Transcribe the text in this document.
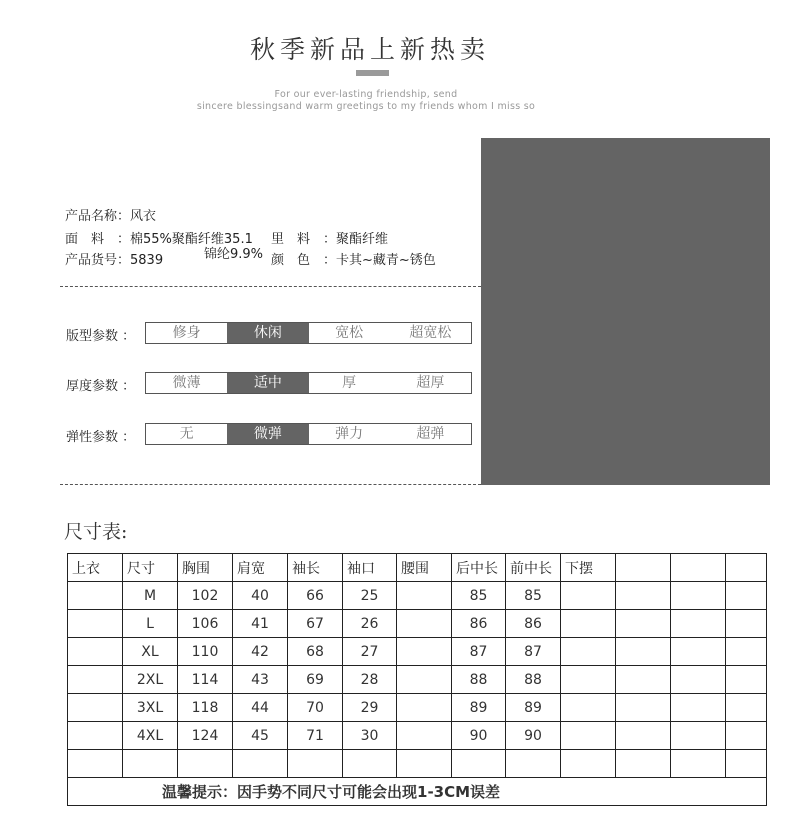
秋季新品上新热卖
For our ever-lasting friendship, send
sincere blessingsand warm greetings to my friends whom I miss so
产品名称：风衣
面　料　：棉55%聚酯纤维35.1
锦纶9.9%
里　料　：聚酯纤维
产品货号：5839	颜　色　：卡其~藏青~锈色
版型参数 ：	修身	休闲	宽松	超宽松
厚度参数 ：	微薄	适中	厚	超厚
弹性参数 ：	无	微弹	弹力	超弹
尺寸表:
上衣	尺寸	胸围	肩宽	袖长	袖口	腰围	后中长	前中长	下摆			
	M	102	40	66	25		85	85				
	L	106	41	67	26		86	86				
	XL	110	42	68	27		87	87				
	2XL	114	43	69	28		88	88				
	3XL	118	44	70	29		89	89				
	4XL	124	45	71	30		90	90				

温馨提示：因手势不同尺寸可能会出现1-3CM误差												
